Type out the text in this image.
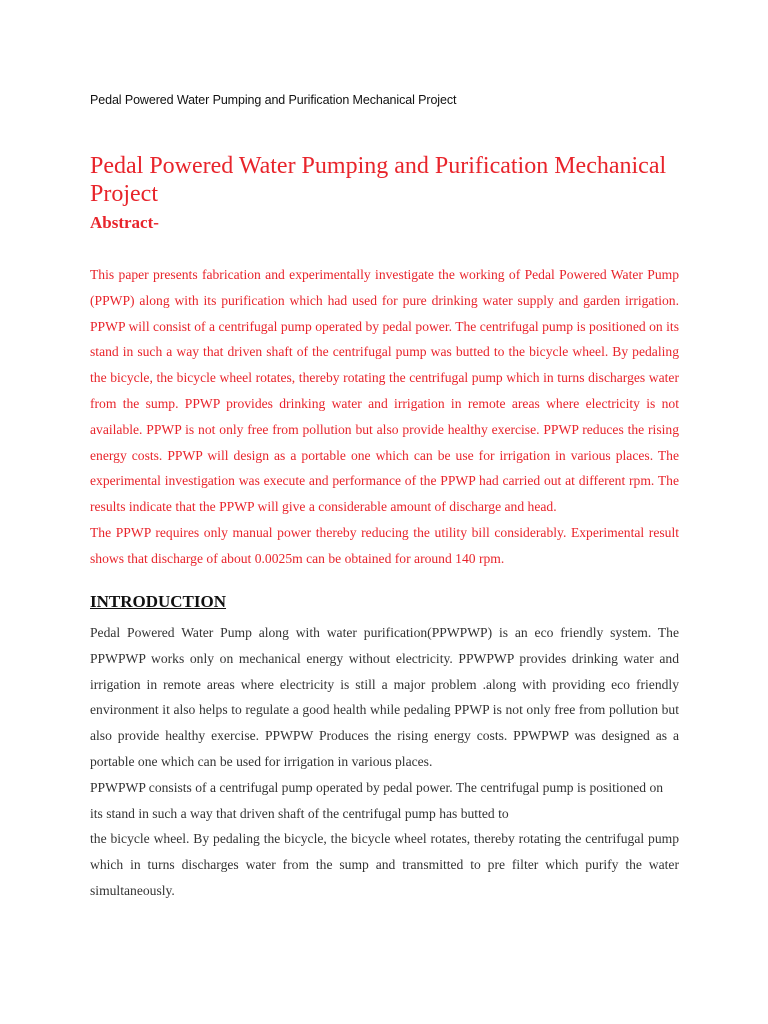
Pedal Powered Water Pumping and Purification Mechanical Project
Pedal Powered Water Pumping and Purification Mechanical Project
Abstract-

This paper presents fabrication and experimentally investigate the working of Pedal Powered Water Pump (PPWP) along with its purification which had used for pure drinking water supply and garden irrigation. PPWP will consist of a centrifugal pump operated by pedal power. The centrifugal pump is positioned on its stand in such a way that driven shaft of the centrifugal pump was butted to the bicycle wheel. By pedaling the bicycle, the bicycle wheel rotates, thereby rotating the centrifugal pump which in turns discharges water from the sump. PPWP provides drinking water and irrigation in remote areas where electricity is not available. PPWP is not only free from pollution but also provide healthy exercise. PPWP reduces the rising energy costs. PPWP will design as a portable one which can be use for irrigation in various places. The experimental investigation was execute and performance of the PPWP had carried out at different rpm. The results indicate that the PPWP will give a considerable amount of discharge and head.

The PPWP requires only manual power thereby reducing the utility bill considerably. Experimental result shows that discharge of about 0.0025m can be obtained for around 140 rpm.

INTRODUCTION

Pedal Powered Water Pump along with water purification(PPWPWP) is an eco friendly system. The PPWPWP works only on mechanical energy without electricity. PPWPWP provides drinking water and irrigation in remote areas where electricity is still a major problem .along with providing eco friendly environment it also helps to regulate a good health while pedaling PPWP is not only free from pollution but also provide healthy exercise. PPWPW Produces the rising energy costs. PPWPWP was designed as a portable one which can be used for irrigation in various places.

PPWPWP consists of a centrifugal pump operated by pedal power. The centrifugal pump is positioned on its stand in such a way that driven shaft of the centrifugal pump has butted to

the bicycle wheel. By pedaling the bicycle, the bicycle wheel rotates, thereby rotating the centrifugal pump which in turns discharges water from the sump and transmitted to pre filter which purify the water simultaneously.
